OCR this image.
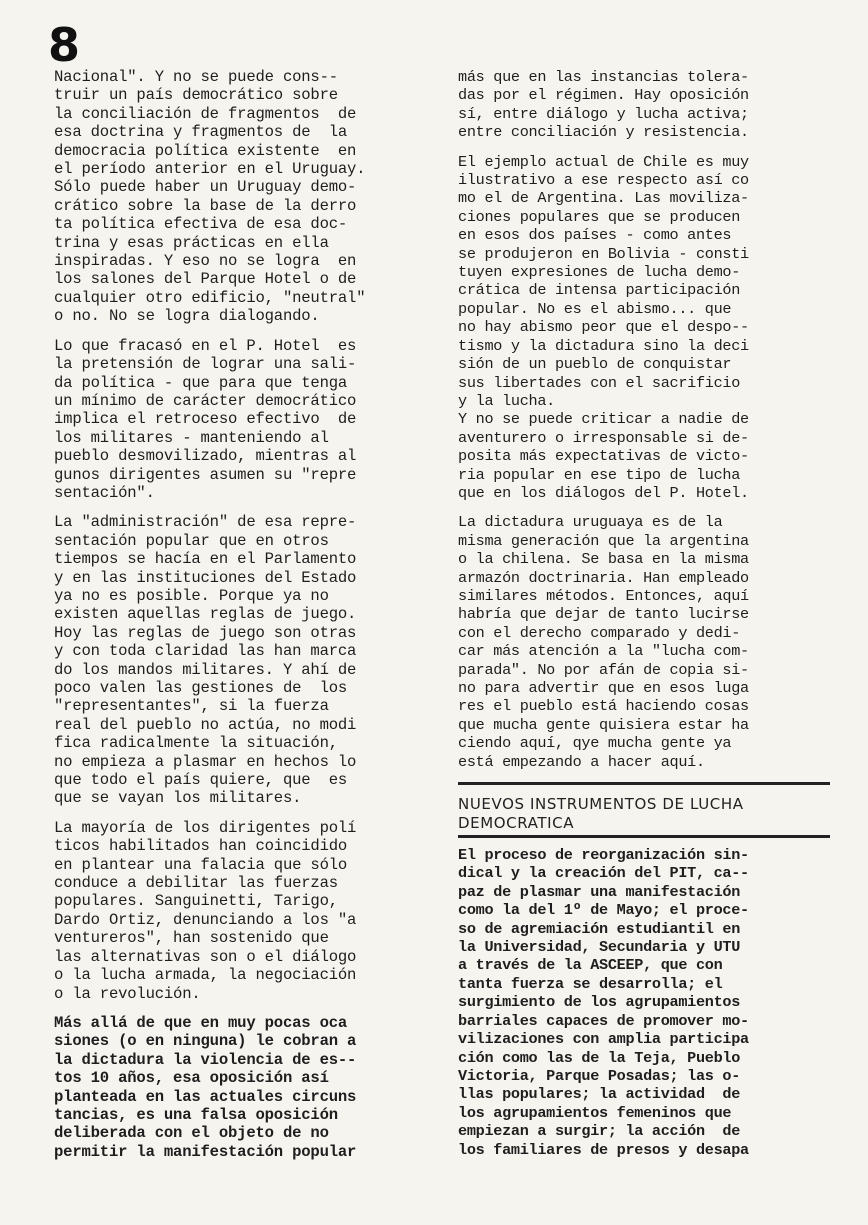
8

Nacional". Y no se puede cons--
truir un país democrático sobre
la conciliación de fragmentos  de
esa doctrina y fragmentos de  la
democracia política existente  en
el período anterior en el Uruguay.
Sólo puede haber un Uruguay demo-
crático sobre la base de la derro
ta política efectiva de esa doc-
trina y esas prácticas en ella
inspiradas. Y eso no se logra  en
los salones del Parque Hotel o de
cualquier otro edificio, "neutral"
o no. No se logra dialogando.

Lo que fracasó en el P. Hotel  es
la pretensión de lograr una sali-
da política - que para que tenga
un mínimo de carácter democrático
implica el retroceso efectivo  de
los militares - manteniendo al
pueblo desmovilizado, mientras al
gunos dirigentes asumen su "repre
sentación".

La "administración" de esa repre-
sentación popular que en otros
tiempos se hacía en el Parlamento
y en las instituciones del Estado
ya no es posible. Porque ya no
existen aquellas reglas de juego.
Hoy las reglas de juego son otras
y con toda claridad las han marca
do los mandos militares. Y ahí de
poco valen las gestiones de  los
"representantes", si la fuerza
real del pueblo no actúa, no modi
fica radicalmente la situación,
no empieza a plasmar en hechos lo
que todo el país quiere, que  es
que se vayan los militares.

La mayoría de los dirigentes polí
ticos habilitados han coincidido
en plantear una falacia que sólo
conduce a debilitar las fuerzas
populares. Sanguinetti, Tarigo,
Dardo Ortiz, denunciando a los "a
ventureros", han sostenido que
las alternativas son o el diálogo
o la lucha armada, la negociación
o la revolución.

Más allá de que en muy pocas oca
siones (o en ninguna) le cobran a
la dictadura la violencia de es--
tos 10 años, esa oposición así
planteada en las actuales circuns
tancias, es una falsa oposición
deliberada con el objeto de no
permitir la manifestación popular

más que en las instancias tolera-
das por el régimen. Hay oposición
sí, entre diálogo y lucha activa;
entre conciliación y resistencia.

El ejemplo actual de Chile es muy
ilustrativo a ese respecto así co
mo el de Argentina. Las moviliza-
ciones populares que se producen
en esos dos países - como antes
se produjeron en Bolivia - consti
tuyen expresiones de lucha demo-
crática de intensa participación
popular. No es el abismo... que
no hay abismo peor que el despo--
tismo y la dictadura sino la deci
sión de un pueblo de conquistar
sus libertades con el sacrificio
y la lucha.
Y no se puede criticar a nadie de
aventurero o irresponsable si de-
posita más expectativas de victo-
ria popular en ese tipo de lucha
que en los diálogos del P. Hotel.

La dictadura uruguaya es de la
misma generación que la argentina
o la chilena. Se basa en la misma
armazón doctrinaria. Han empleado
similares métodos. Entonces, aquí
habría que dejar de tanto lucirse
con el derecho comparado y dedi-
car más atención a la "lucha com-
parada". No por afán de copia si-
no para advertir que en esos luga
res el pueblo está haciendo cosas
que mucha gente quisiera estar ha
ciendo aquí, qye mucha gente ya
está empezando a hacer aquí.

NUEVOS INSTRUMENTOS DE LUCHA
DEMOCRATICA

El proceso de reorganización sin-
dical y la creación del PIT, ca--
paz de plasmar una manifestación
como la del 1º de Mayo; el proce-
so de agremiación estudiantil en
la Universidad, Secundaria y UTU
a través de la ASCEEP, que con
tanta fuerza se desarrolla; el
surgimiento de los agrupamientos
barriales capaces de promover mo-
vilizaciones con amplia participa
ción como las de la Teja, Pueblo
Victoria, Parque Posadas; las o-
llas populares; la actividad  de
los agrupamientos femeninos que
empiezan a surgir; la acción  de
los familiares de presos y desapa
